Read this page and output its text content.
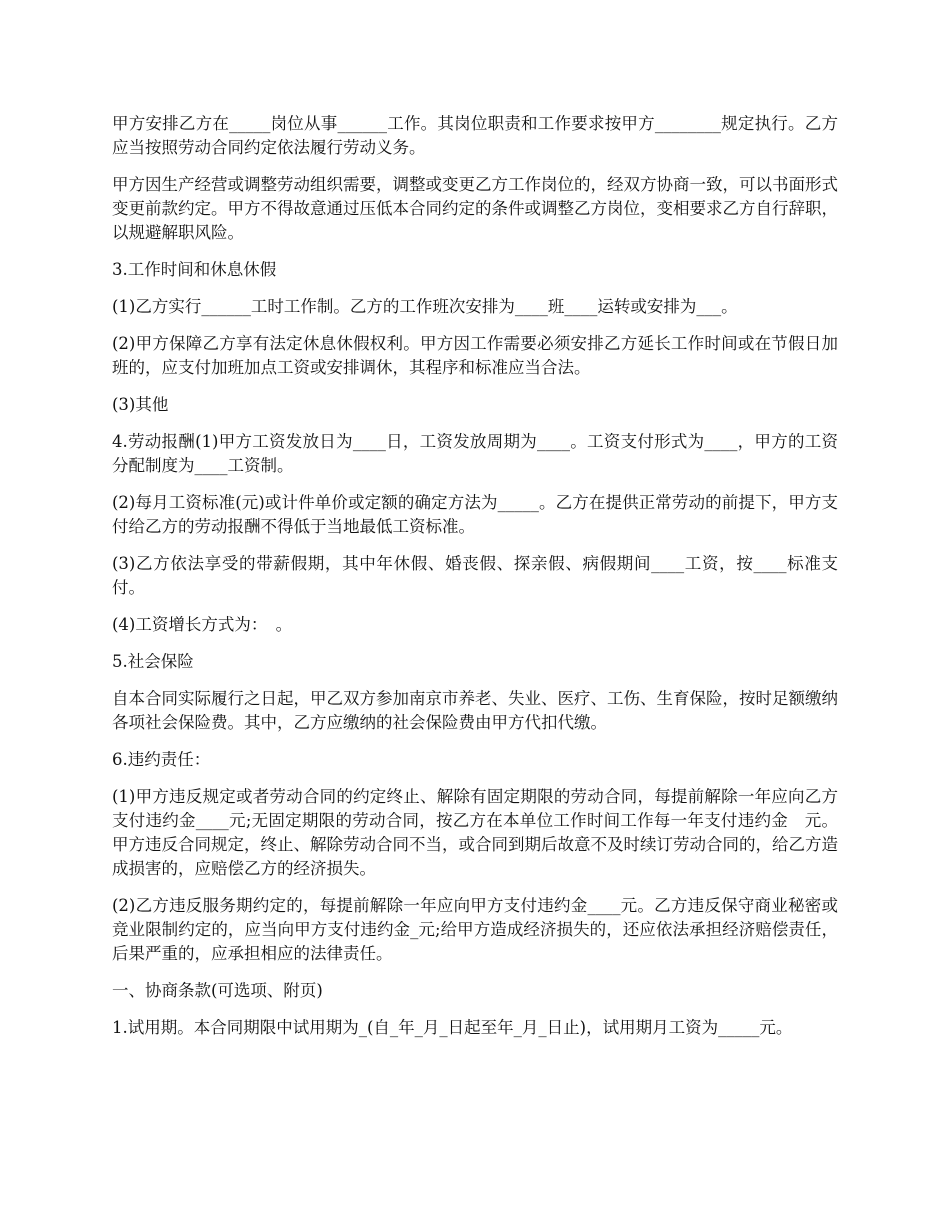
甲方安排乙方在_____岗位从事______工作。其岗位职责和工作要求按甲方________规定执行。乙方应当按照劳动合同约定依法履行劳动义务。

甲方因生产经营或调整劳动组织需要，调整或变更乙方工作岗位的，经双方协商一致，可以书面形式变更前款约定。甲方不得故意通过压低本合同约定的条件或调整乙方岗位，变相要求乙方自行辞职，以规避解职风险。

3.工作时间和休息休假

(1)乙方实行______工时工作制。乙方的工作班次安排为____班____运转或安排为___。

(2)甲方保障乙方享有法定休息休假权利。甲方因工作需要必须安排乙方延长工作时间或在节假日加班的，应支付加班加点工资或安排调休，其程序和标准应当合法。

(3)其他

4.劳动报酬(1)甲方工资发放日为____日，工资发放周期为____。工资支付形式为____，甲方的工资分配制度为____工资制。

(2)每月工资标准(元)或计件单价或定额的确定方法为_____。乙方在提供正常劳动的前提下，甲方支付给乙方的劳动报酬不得低于当地最低工资标准。

(3)乙方依法享受的带薪假期，其中年休假、婚丧假、探亲假、病假期间____工资，按____标准支付。

(4)工资增长方式为：　。

5.社会保险

自本合同实际履行之日起，甲乙双方参加南京市养老、失业、医疗、工伤、生育保险，按时足额缴纳各项社会保险费。其中，乙方应缴纳的社会保险费由甲方代扣代缴。

6.违约责任：

(1)甲方违反规定或者劳动合同的约定终止、解除有固定期限的劳动合同，每提前解除一年应向乙方支付违约金____元;无固定期限的劳动合同，按乙方在本单位工作时间工作每一年支付违约金　元。甲方违反合同规定，终止、解除劳动合同不当，或合同到期后故意不及时续订劳动合同的，给乙方造成损害的，应赔偿乙方的经济损失。

(2)乙方违反服务期约定的，每提前解除一年应向甲方支付违约金____元。乙方违反保守商业秘密或竞业限制约定的，应当向甲方支付违约金_元;给甲方造成经济损失的，还应依法承担经济赔偿责任，后果严重的，应承担相应的法律责任。

一、协商条款(可选项、附页)

1.试用期。本合同期限中试用期为_(自_年_月_日起至年_月_日止)，试用期月工资为_____元。
